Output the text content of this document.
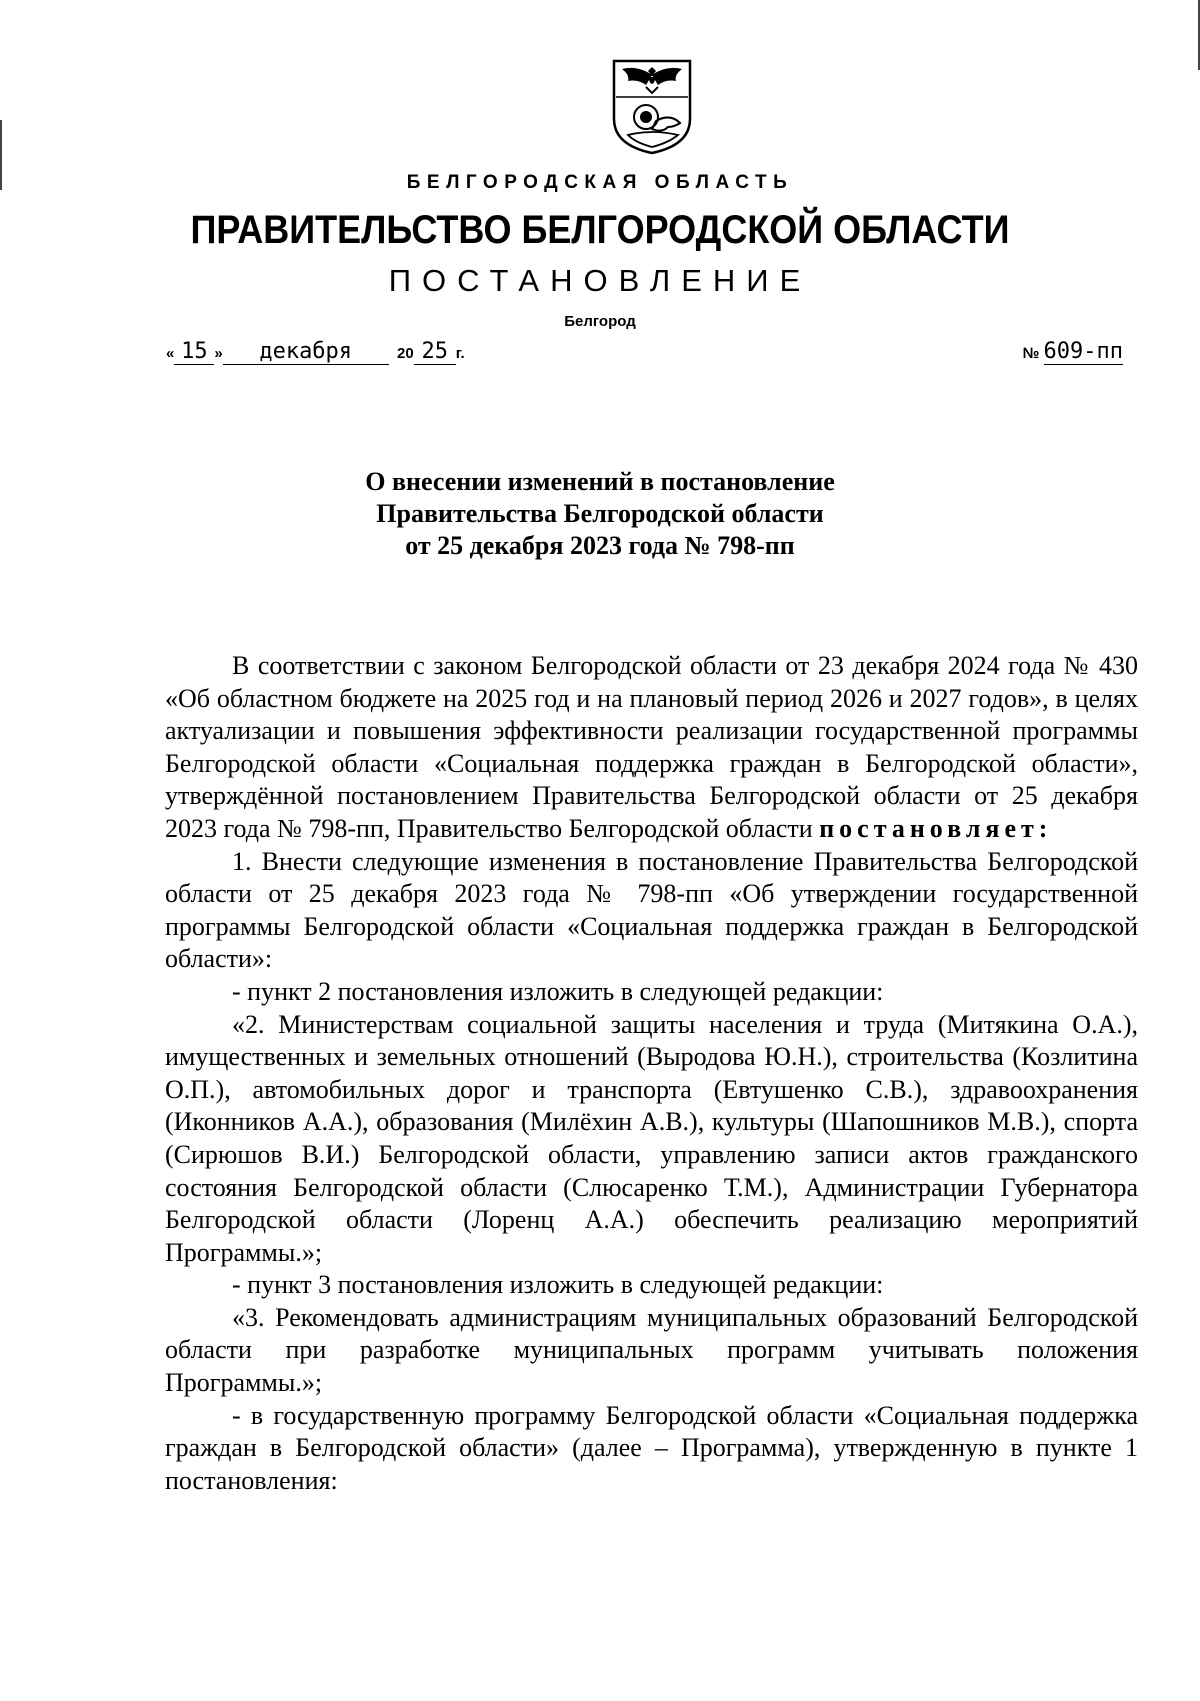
БЕЛГОРОДСКАЯ ОБЛАСТЬ
ПРАВИТЕЛЬСТВО БЕЛГОРОДСКОЙ ОБЛАСТИ
ПОСТАНОВЛЕНИЕ
Белгород
« 15 » декабря	20 25 г.	№ 609-пп
О внесении изменений в постановление
Правительства Белгородской области
от 25 декабря 2023 года № 798-пп

В соответствии с законом Белгородской области от 23 декабря 2024 года № 430 «Об областном бюджете на 2025 год и на плановый период 2026 и 2027 годов», в целях актуализации и повышения эффективности реализации государственной программы Белгородской области «Социальная поддержка граждан в Белгородской области», утверждённой постановлением Правительства Белгородской области от 25 декабря 2023 года № 798-пп, Правительство Белгородской области постановляет:

1. Внести следующие изменения в постановление Правительства Белгородской области от 25 декабря 2023 года № 798-пп «Об утверждении государственной программы Белгородской области «Социальная поддержка граждан в Белгородской области»:

- пункт 2 постановления изложить в следующей редакции:

«2. Министерствам социальной защиты населения и труда (Митякина О.А.), имущественных и земельных отношений (Выродова Ю.Н.), строительства (Козлитина О.П.), автомобильных дорог и транспорта (Евтушенко С.В.), здравоохранения (Иконников А.А.), образования (Милёхин А.В.), культуры (Шапошников М.В.), спорта (Сирюшов В.И.) Белгородской области, управлению записи актов гражданского состояния Белгородской области (Слюсаренко Т.М.), Администрации Губернатора Белгородской области (Лоренц А.А.) обеспечить реализацию мероприятий Программы.»;

- пункт 3 постановления изложить в следующей редакции:

«3. Рекомендовать администрациям муниципальных образований Белгородской области при разработке муниципальных программ учитывать положения Программы.»;

- в государственную программу Белгородской области «Социальная поддержка граждан в Белгородской области» (далее – Программа), утвержденную в пункте 1 постановления:
